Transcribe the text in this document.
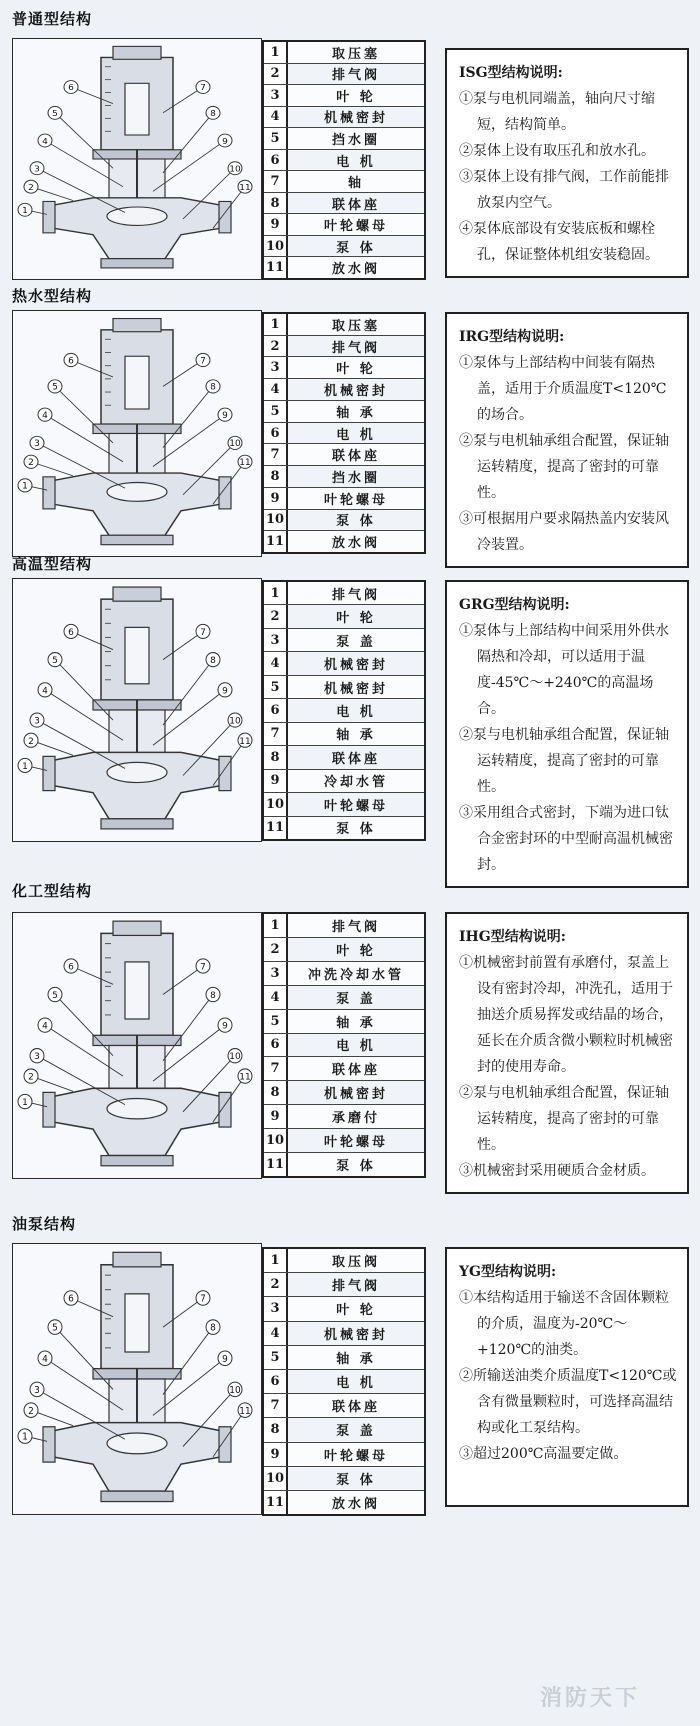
普通型结构
6
5
4
3
2
1
7
8
9
10
11
1	取压塞
2	排气阀
3	叶 轮
4	机械密封
5	挡水圈
6	电 机
7	轴
8	联体座
9	叶轮螺母
10	泵 体
11	放水阀
ISG型结构说明:
①泵与电机同端盖，轴向尺寸缩短，结构简单。
②泵体上设有取压孔和放水孔。
③泵体上设有排气阀，工作前能排放泵内空气。
④泵体底部设有安装底板和螺栓孔，保证整体机组安装稳固。
热水型结构
6
5
4
3
2
1
7
8
9
10
11
1	取压塞
2	排气阀
3	叶 轮
4	机械密封
5	轴 承
6	电 机
7	联体座
8	挡水圈
9	叶轮螺母
10	泵 体
11	放水阀
IRG型结构说明:
①泵体与上部结构中间装有隔热盖，适用于介质温度T<120℃的场合。
②泵与电机轴承组合配置，保证轴运转精度，提高了密封的可靠性。
③可根据用户要求隔热盖内安装风冷装置。
高温型结构
6
5
4
3
2
1
7
8
9
10
11
1	排气阀
2	叶 轮
3	泵 盖
4	机械密封
5	机械密封
6	电 机
7	轴 承
8	联体座
9	冷却水管
10	叶轮螺母
11	泵 体
GRG型结构说明:
①泵体与上部结构中间采用外供水隔热和冷却，可以适用于温度-45℃～+240℃的高温场合。
②泵与电机轴承组合配置，保证轴运转精度，提高了密封的可靠性。
③采用组合式密封，下端为进口钛合金密封环的中型耐高温机械密封。
化工型结构
6
5
4
3
2
1
7
8
9
10
11
1	排气阀
2	叶 轮
3	冲洗冷却水管
4	泵 盖
5	轴 承
6	电 机
7	联体座
8	机械密封
9	承磨付
10	叶轮螺母
11	泵 体
IHG型结构说明:
①机械密封前置有承磨付，泵盖上设有密封冷却，冲洗孔，适用于抽送介质易挥发或结晶的场合，延长在介质含微小颗粒时机械密封的使用寿命。
②泵与电机轴承组合配置，保证轴运转精度，提高了密封的可靠性。
③机械密封采用硬质合金材质。
油泵结构
6
5
4
3
2
1
7
8
9
10
11
1	取压阀
2	排气阀
3	叶 轮
4	机械密封
5	轴 承
6	电 机
7	联体座
8	泵 盖
9	叶轮螺母
10	泵 体
11	放水阀
YG型结构说明:
①本结构适用于输送不含固体颗粒的介质，温度为-20℃～+120℃的油类。
②所输送油类介质温度T<120℃或含有微量颗粒时，可选择高温结构或化工泵结构。
③超过200℃高温要定做。
消防天下
